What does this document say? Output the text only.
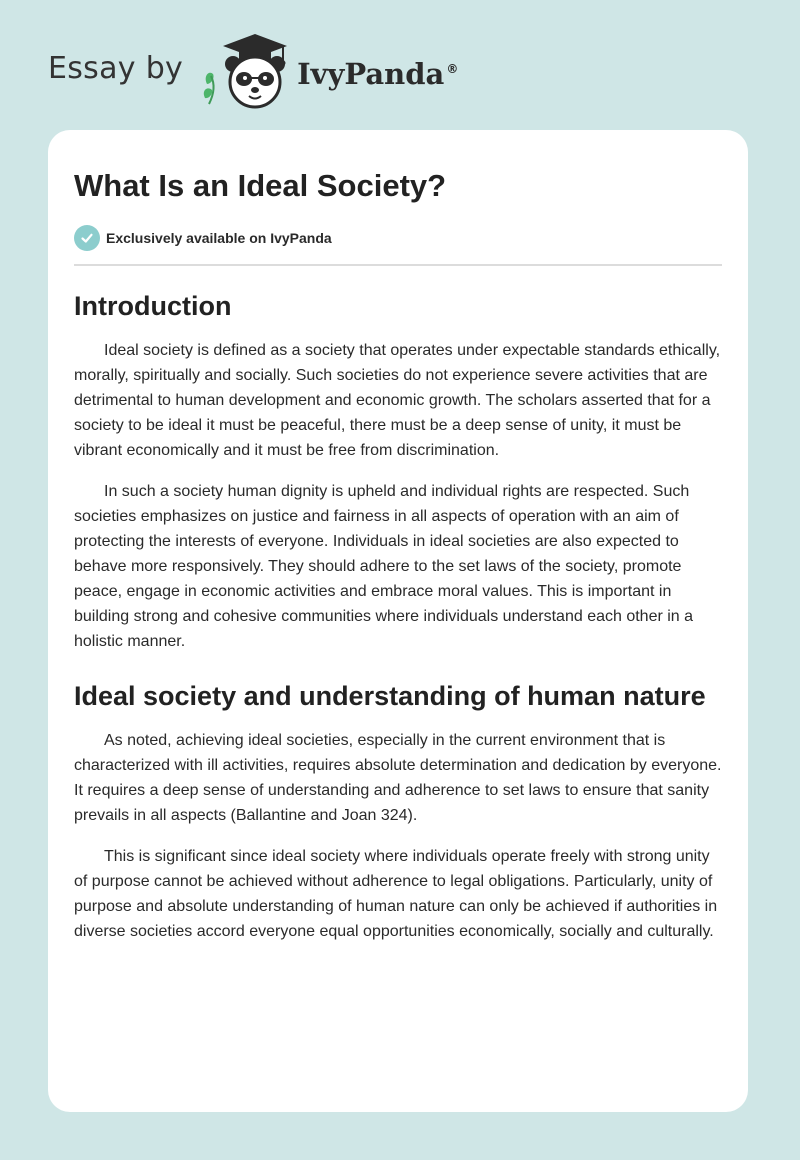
Essay by	IvyPanda ®
What Is an Ideal Society?
Exclusively available on IvyPanda
Introduction

Ideal society is defined as a society that operates under expectable standards ethically, morally, spiritually and socially. Such societies do not experience severe activities that are detrimental to human development and economic growth. The scholars asserted that for a society to be ideal it must be peaceful, there must be a deep sense of unity, it must be vibrant economically and it must be free from discrimination.

In such a society human dignity is upheld and individual rights are respected. Such societies emphasizes on justice and fairness in all aspects of operation with an aim of protecting the interests of everyone. Individuals in ideal societies are also expected to behave more responsively. They should adhere to the set laws of the society, promote peace, engage in economic activities and embrace moral values. This is important in building strong and cohesive communities where individuals understand each other in a holistic manner.

Ideal society and understanding of human nature

As noted, achieving ideal societies, especially in the current environment that is characterized with ill activities, requires absolute determination and dedication by everyone. It requires a deep sense of understanding and adherence to set laws to ensure that sanity prevails in all aspects (Ballantine and Joan 324).

This is significant since ideal society where individuals operate freely with strong unity of purpose cannot be achieved without adherence to legal obligations. Particularly, unity of purpose and absolute understanding of human nature can only be achieved if authorities in diverse societies accord everyone equal opportunities economically, socially and culturally.
